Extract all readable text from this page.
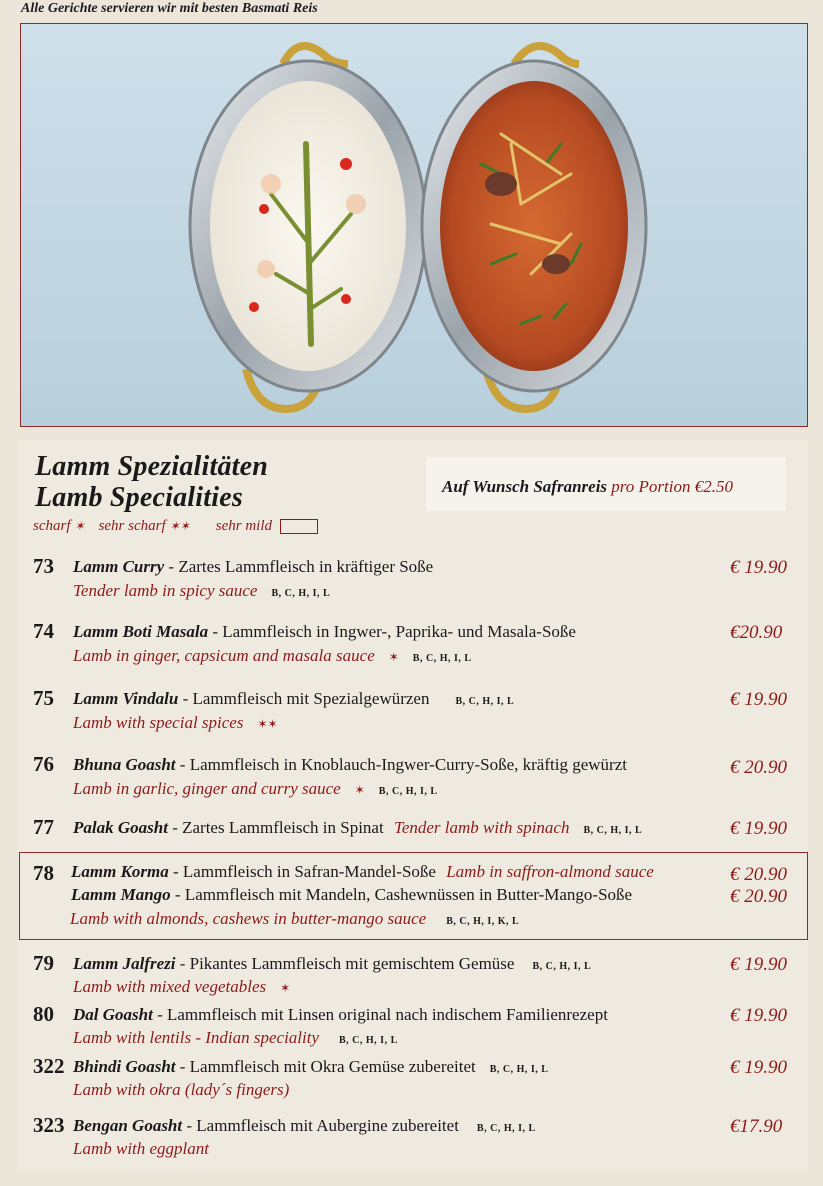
Alle Gerichte servieren wir mit besten Basmati Reis
Lamm Spezialitäten
Lamb Specialities	Auf Wunsch Safranreis pro Portion €2.50
scharf ✶ sehr scharf ✶✶ sehr mild
73 Lamm Curry - Zartes Lammfleisch in kräftiger Soße
Tender lamb in spicy sauce B, C, H, I, L
€ 19.90
74 Lamm Boti Masala - Lammfleisch in Ingwer-, Paprika- und Masala-Soße
Lamb in ginger, capsicum and masala sauce ✶ B, C, H, I, L
€20.90
75 Lamm Vindalu - Lammfleisch mit Spezialgewürzen	B, C, H, I, L
Lamb with special spices ✶✶
€ 19.90
76 Bhuna Goasht - Lammfleisch in Knoblauch-Ingwer-Curry-Soße, kräftig gewürzt
Lamb in garlic, ginger and curry sauce ✶ B, C, H, I, L
€ 20.90
77 Palak Goasht - Zartes Lammfleisch in Spinat Tender lamb with spinach B, C, H, I, L	€ 19.90
78 Lamm Korma - Lammfleisch in Safran-Mandel-Soße Lamb in saffron-almond sauce	€ 20.90
Lamm Mango - Lammfleisch mit Mandeln, Cashewnüssen in Butter-Mango-Soße	€ 20.90
Lamb with almonds, cashews in butter-mango sauce B, C, H, I, K, L
79 Lamm Jalfrezi - Pikantes Lammfleisch mit gemischtem Gemüse B, C, H, I, L
Lamb with mixed vegetables ✶
€ 19.90
80 Dal Goasht - Lammfleisch mit Linsen original nach indischem Familienrezept
Lamb with lentils - Indian speciality B, C, H, I, L
€ 19.90
322 Bhindi Goasht - Lammfleisch mit Okra Gemüse zubereitet B, C, H, I, L
Lamb with okra (lady´s fingers)
€ 19.90
323 Bengan Goasht - Lammfleisch mit Aubergine zubereitet B, C, H, I, L
Lamb with eggplant
€17.90
